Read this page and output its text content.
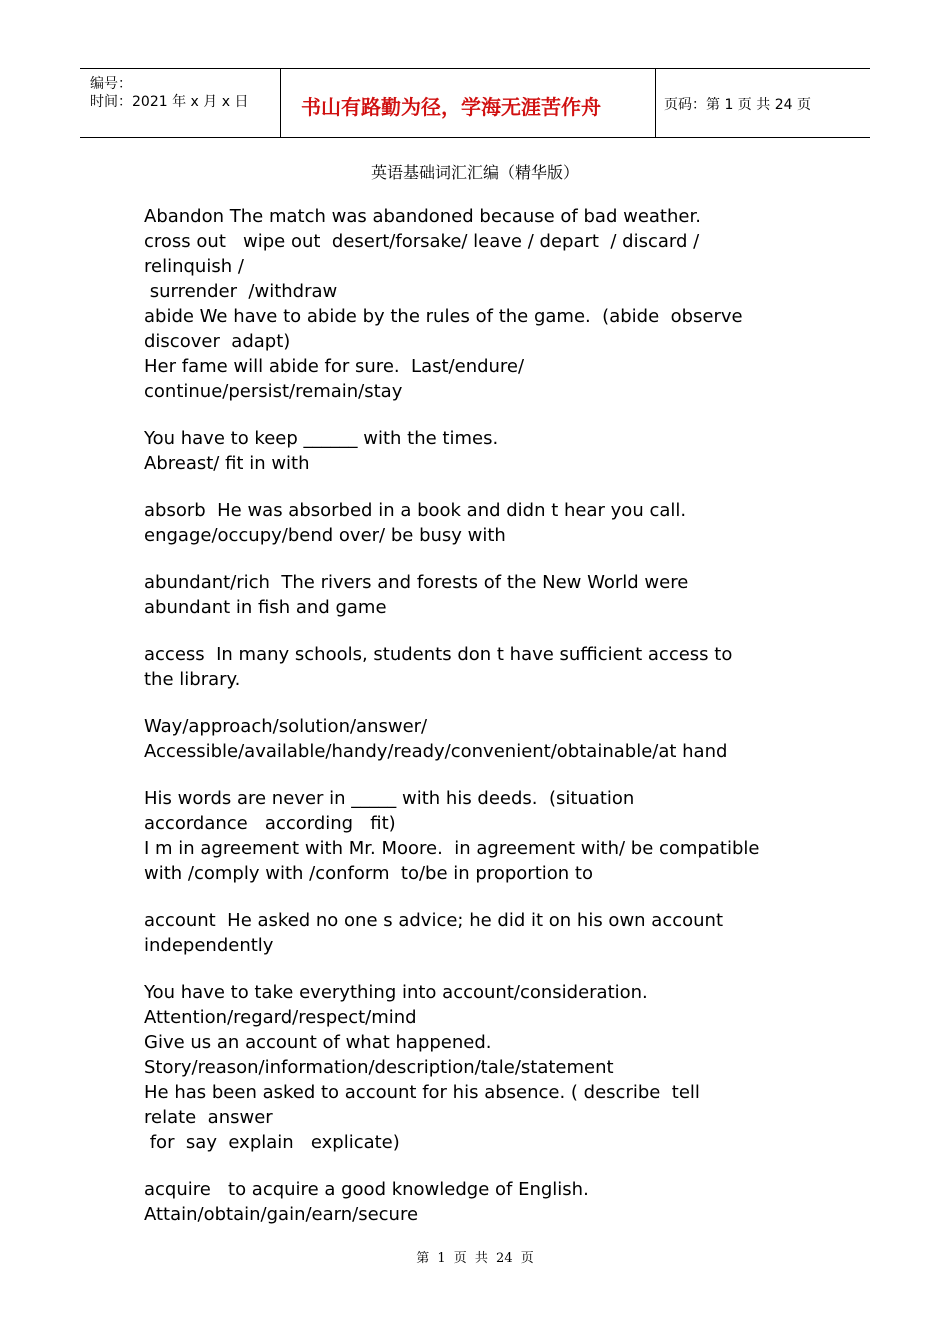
编号：
时间：2021 年 x 月 x 日	书山有路勤为径，学海无涯苦作舟	页码：第 1 页 共 24 页
英语基础词汇汇编（精华版）
Abandon The match was abandoned because of bad weather.
cross out   wipe out  desert/forsake/ leave / depart  / discard /
relinquish /
surrender  /withdraw
abide We have to abide by the rules of the game.  (abide  observe
discover  adapt)
Her fame will abide for sure.  Last/endure/
continue/persist/remain/stay
You have to keep ______ with the times.
Abreast/ fit in with
absorb  He was absorbed in a book and didn t hear you call.
engage/occupy/bend over/ be busy with
abundant/rich  The rivers and forests of the New World were
abundant in fish and game
access  In many schools, students don t have sufficient access to
the library.
Way/approach/solution/answer/
Accessible/available/handy/ready/convenient/obtainable/at hand
His words are never in _____ with his deeds.  (situation
accordance   according   fit)
I m in agreement with Mr. Moore.  in agreement with/ be compatible
with /comply with /conform  to/be in proportion to
account  He asked no one s advice; he did it on his own account
independently
You have to take everything into account/consideration.
Attention/regard/respect/mind
Give us an account of what happened.
Story/reason/information/description/tale/statement
He has been asked to account for his absence. ( describe  tell
relate  answer
for  say  explain   explicate)
acquire   to acquire a good knowledge of English.
Attain/obtain/gain/earn/secure
第 1 页 共 24 页
